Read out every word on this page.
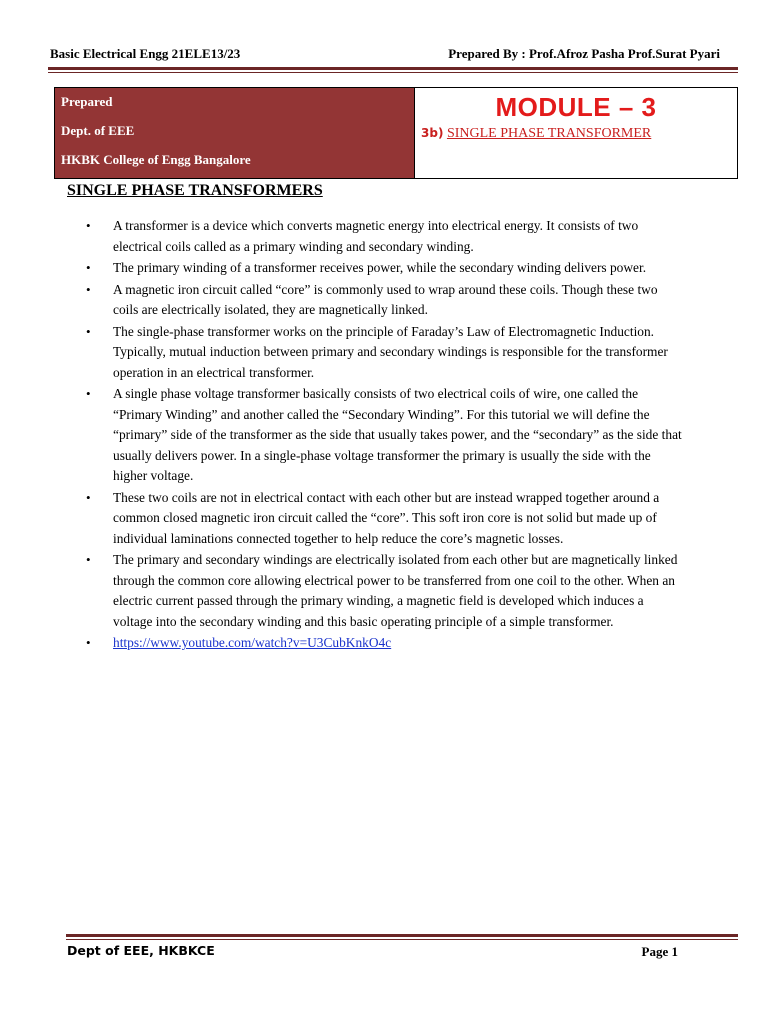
Basic Electrical Engg 21ELE13/23	Prepared By : Prof.Afroz Pasha Prof.Surat Pyari
Prepared
Dept. of EEE
HKBK College of Engg Bangalore
MODULE – 3
3b) SINGLE PHASE TRANSFORMER
SINGLE PHASE TRANSFORMERS
• A transformer is a device which converts magnetic energy into electrical energy. It consists of two electrical coils called as a primary winding and secondary winding.
• The primary winding of a transformer receives power, while the secondary winding delivers power.
• A magnetic iron circuit called “core” is commonly used to wrap around these coils. Though these two coils are electrically isolated, they are magnetically linked.
• The single-phase transformer works on the principle of Faraday’s Law of Electromagnetic Induction. Typically, mutual induction between primary and secondary windings is responsible for the transformer operation in an electrical transformer.
• A single phase voltage transformer basically consists of two electrical coils of wire, one called the “Primary Winding” and another called the “Secondary Winding”. For this tutorial we will define the “primary” side of the transformer as the side that usually takes power, and the “secondary” as the side that usually delivers power. In a single-phase voltage transformer the primary is usually the side with the higher voltage.
• These two coils are not in electrical contact with each other but are instead wrapped together around a common closed magnetic iron circuit called the “core”. This soft iron core is not solid but made up of individual laminations connected together to help reduce the core’s magnetic losses.
• The primary and secondary windings are electrically isolated from each other but are magnetically linked through the common core allowing electrical power to be transferred from one coil to the other. When an electric current passed through the primary winding, a magnetic field is developed which induces a voltage into the secondary winding and this basic operating principle of a simple transformer.
• https://www.youtube.com/watch?v=U3CubKnkO4c
Dept of EEE, HKBKCE	Page 1
